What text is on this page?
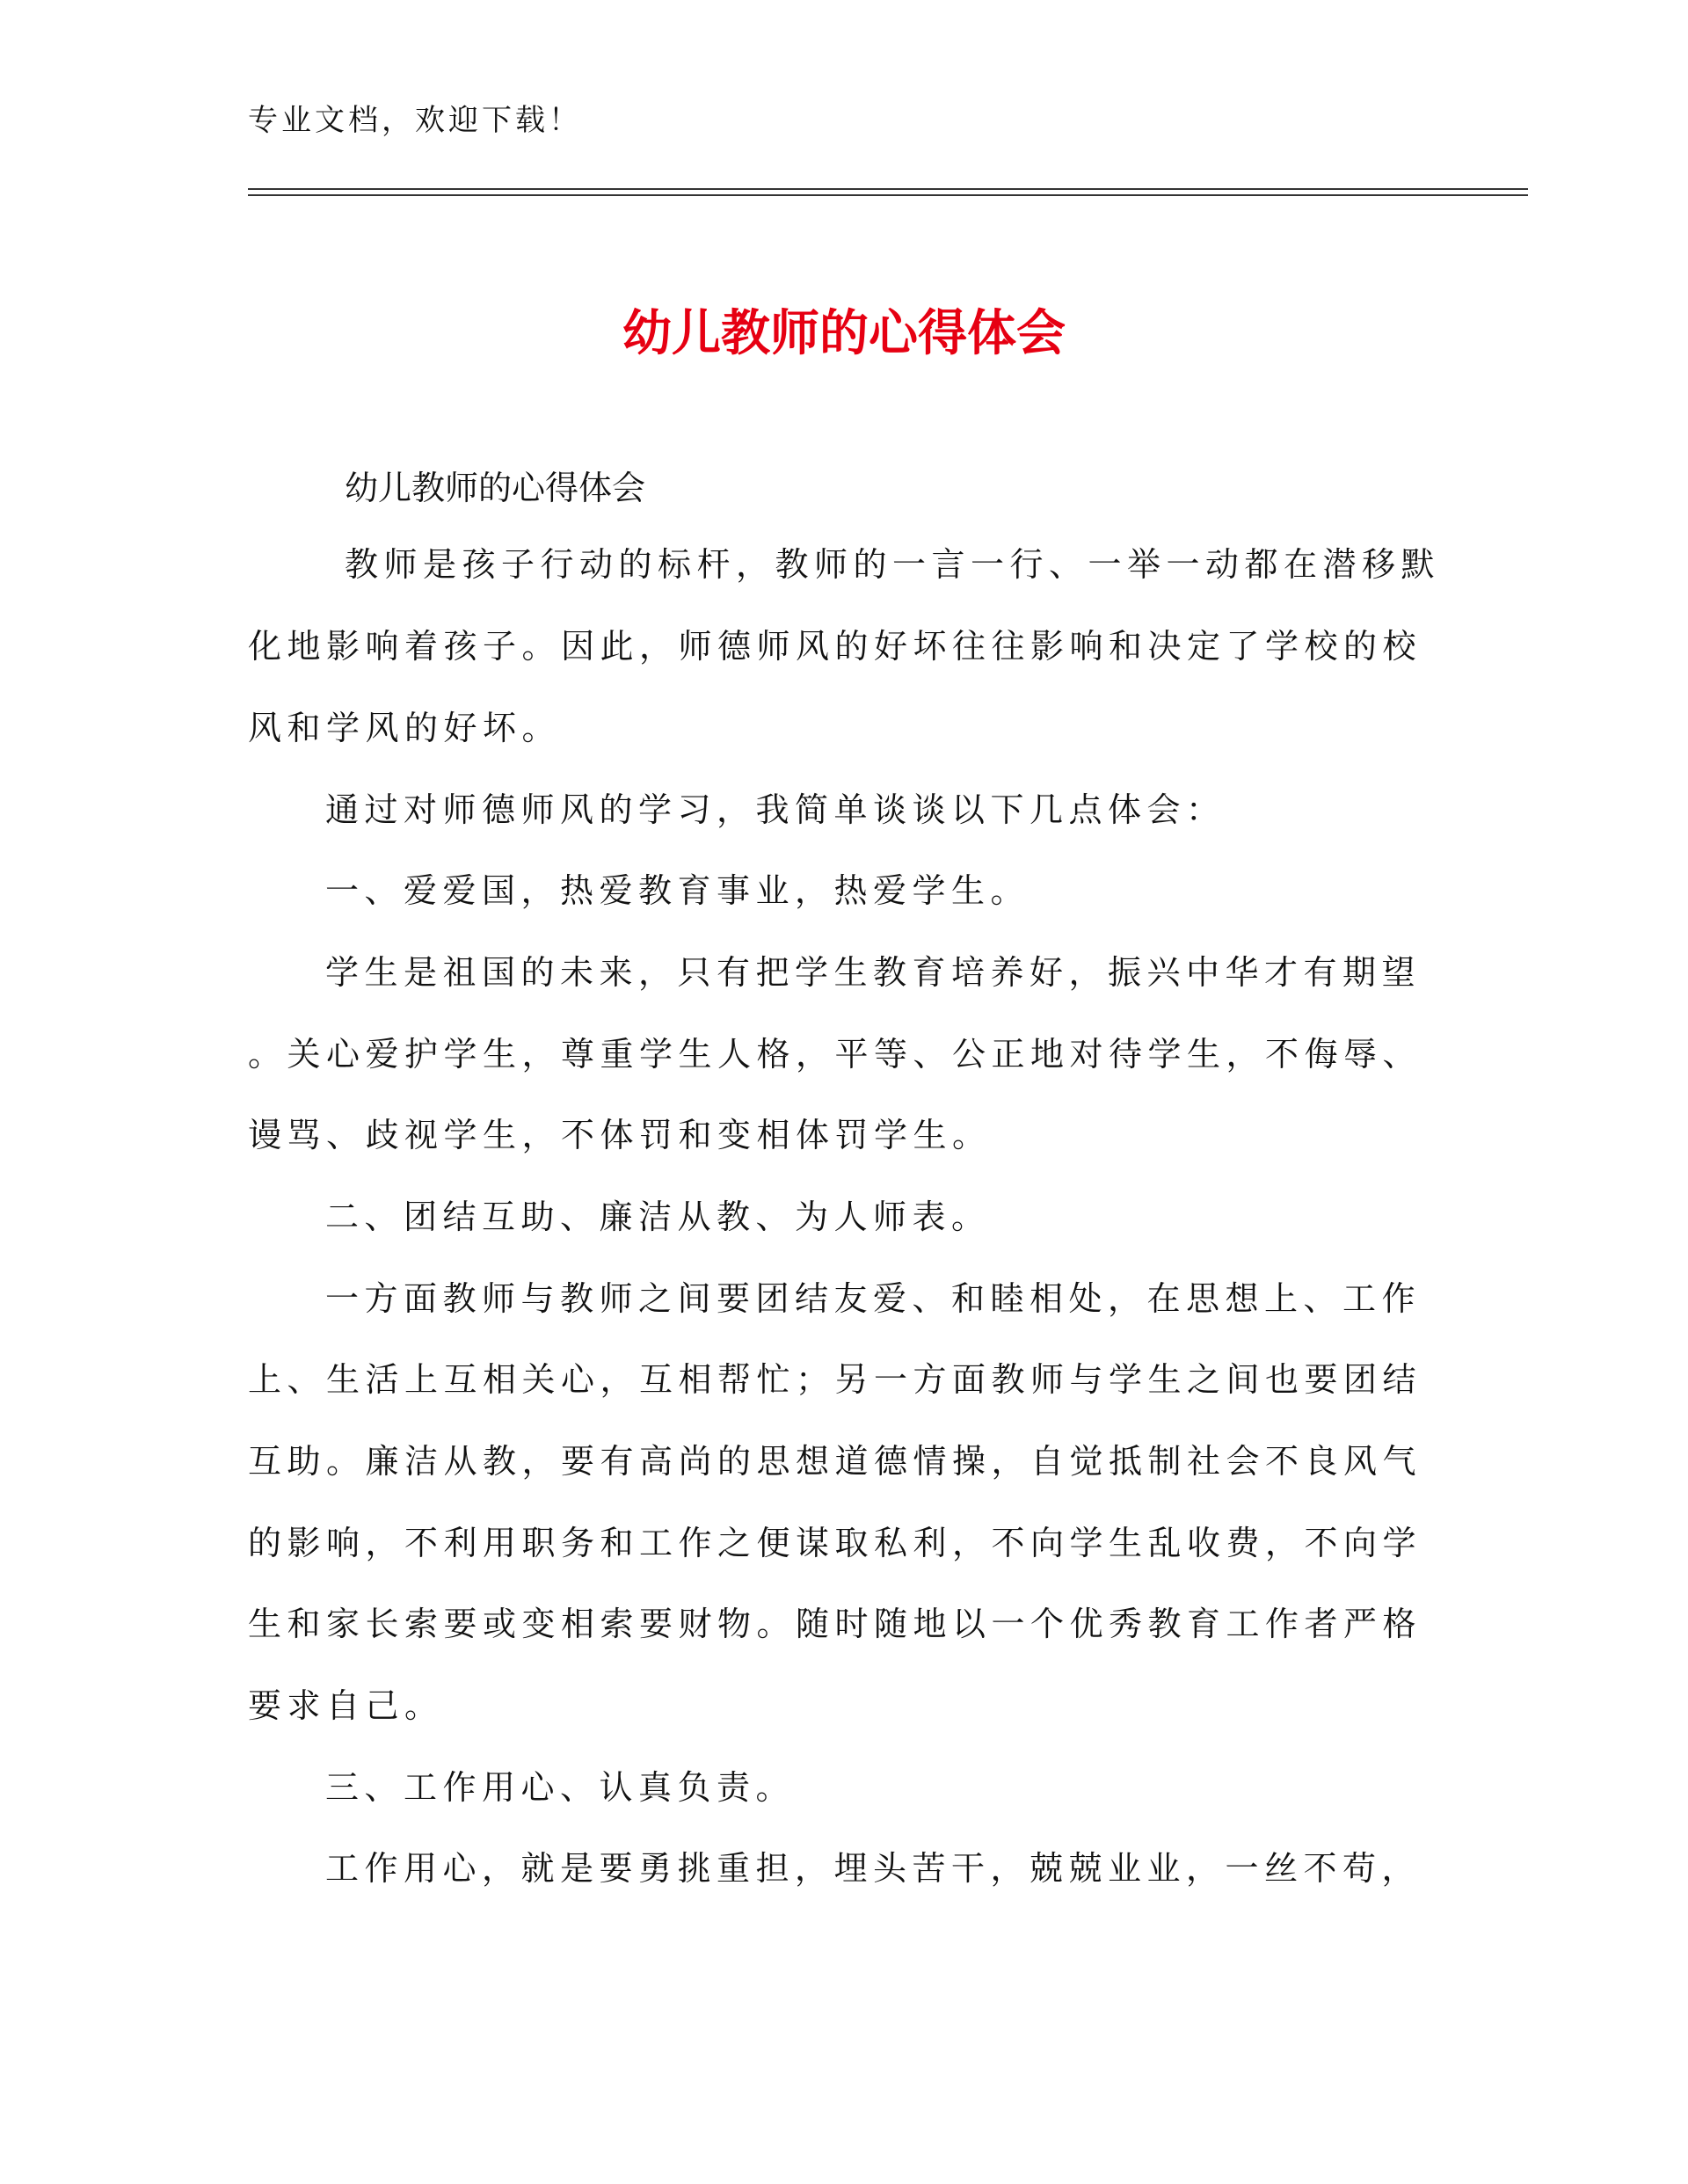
专业文档，欢迎下载！
幼儿教师的心得体会
幼儿教师的心得体会
教师是孩子行动的标杆，教师的一言一行、一举一动都在潜移默
化地影响着孩子。因此，师德师风的好坏往往影响和决定了学校的校
风和学风的好坏。
通过对师德师风的学习，我简单谈谈以下几点体会：
一、爱爱国，热爱教育事业，热爱学生。
学生是祖国的未来，只有把学生教育培养好，振兴中华才有期望
。关心爱护学生，尊重学生人格，平等、公正地对待学生，不侮辱、
谩骂、歧视学生，不体罚和变相体罚学生。
二、团结互助、廉洁从教、为人师表。
一方面教师与教师之间要团结友爱、和睦相处，在思想上、工作
上、生活上互相关心，互相帮忙；另一方面教师与学生之间也要团结
互助。廉洁从教，要有高尚的思想道德情操，自觉抵制社会不良风气
的影响，不利用职务和工作之便谋取私利，不向学生乱收费，不向学
生和家长索要或变相索要财物。随时随地以一个优秀教育工作者严格
要求自己。
三、工作用心、认真负责。
工作用心，就是要勇挑重担，埋头苦干，兢兢业业，一丝不苟，
